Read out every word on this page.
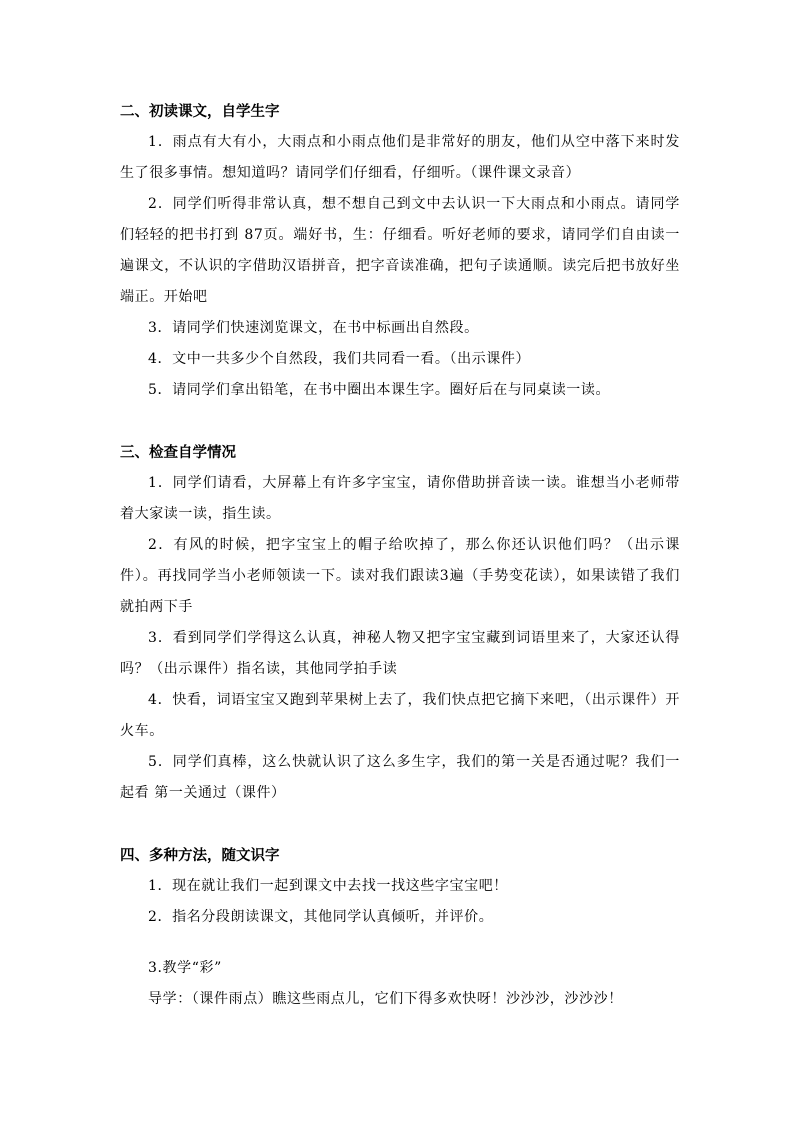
二、初读课文，自学生字

1．雨点有大有小，大雨点和小雨点他们是非常好的朋友，他们从空中落下来时发生了很多事情。想知道吗？请同学们仔细看，仔细听。（课件课文录音）

2．同学们听得非常认真，想不想自己到文中去认识一下大雨点和小雨点。请同学们轻轻的把书打到 87页。端好书，生：仔细看。听好老师的要求，请同学们自由读一遍课文，不认识的字借助汉语拼音，把字音读准确，把句子读通顺。读完后把书放好坐端正。开始吧

3．请同学们快速浏览课文，在书中标画出自然段。

4．文中一共多少个自然段，我们共同看一看。（出示课件）

5．请同学们拿出铅笔，在书中圈出本课生字。圈好后在与同桌读一读。

三、检查自学情况

1．同学们请看，大屏幕上有许多字宝宝，请你借助拼音读一读。谁想当小老师带着大家读一读，指生读。

2．有风的时候，把字宝宝上的帽子给吹掉了，那么你还认识他们吗？（出示课件）。再找同学当小老师领读一下。读对我们跟读3遍（手势变花读），如果读错了我们就拍两下手

3．看到同学们学得这么认真，神秘人物又把字宝宝藏到词语里来了，大家还认得吗？（出示课件）指名读，其他同学拍手读

4．快看，词语宝宝又跑到苹果树上去了，我们快点把它摘下来吧，（出示课件）开火车。

5．同学们真棒，这么快就认识了这么多生字，我们的第一关是否通过呢？我们一起看 第一关通过（课件）

四、多种方法，随文识字

1．现在就让我们一起到课文中去找一找这些字宝宝吧！

2．指名分段朗读课文，其他同学认真倾听，并评价。

3.教学“彩”

导学：（课件雨点）瞧这些雨点儿，它们下得多欢快呀！沙沙沙，沙沙沙！
